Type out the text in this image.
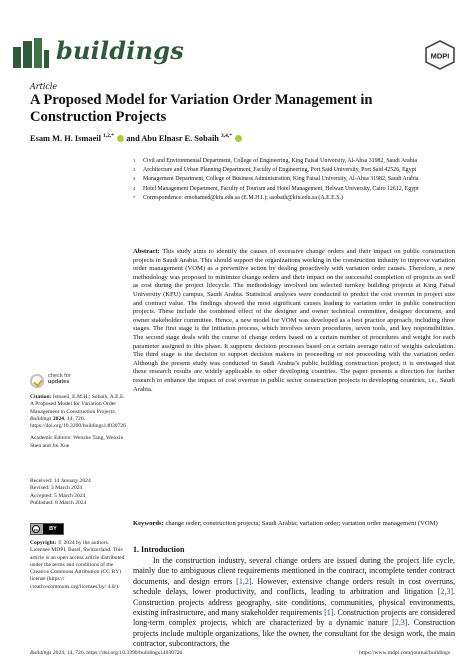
buildings	MDPI
Article
A Proposed Model for Variation Order Management in Construction Projects
Esam M. H. Ismaeil $^{1,2,*}$ and Abu Elnasr E. Sobaih $^{3,4,*}$
1 Civil and Environmental Department, College of Engineering, King Faisal University, Al-Ahsa 31982, Saudi Arabia
2 Architecture and Urban Planning Department, Faculty of Engineering, Port Said University, Port Said 42526, Egypt
3 Management Department, College of Business Administration, King Faisal University, Al-Ahsa 31982, Saudi Arabia
4 Hotel Management Department, Faculty of Tourism and Hotel Management, Helwan University, Cairo 12612, Egypt
* Correspondence: emohamed@kfu.edu.sa (E.M.H.I.); asobaih@kfu.edu.sa (A.E.E.S.)
Abstract: This study aims to identify the causes of excessive change orders and their impact on public construction projects in Saudi Arabia. This should support the organizations working in the construction industry to improve variation order management (VOM) as a preventive action by dealing proactively with variation order causes. Therefore, a new methodology was proposed to minimize change orders and their impact on the successful completion of projects as well as cost during the project lifecycle. The methodology involved ten selected turnkey building projects at King Faisal University (KFU) campus, Saudi Arabia. Statistical analyses were conducted to predict the cost overrun in project size and contract value. The findings showed the most significant causes leading to variation order in public construction projects. These include the combined effect of the designer and owner technical committee, designer document, and owner stakeholder committee. Hence, a new model for VOM was developed as a best practice approach, including three stages. The first stage is the initiation process, which involves seven procedures, seven tools, and key responsibilities. The second stage deals with the course of change orders based on a certain number of procedures and weight for each parameter assigned to this phase. It supports decision processes based on a certain average ratio of weights calculation. The third stage is the decision to support decision makers in proceeding or not proceeding with the variation order. Although the present study was conducted in Saudi Arabia’s public building construction project, it is envisaged that these research results are widely applicable to other developing countries. The paper presents a direction for further research to enhance the impact of cost overrun in public sector construction projects in developing countries, i.e., Saudi Arabia.
Keywords: change order; construction projects; Saudi Arabia; variation order; variation order management (VOM)
check for
updates
Citation: Ismaeil, E.M.H.; Sobaih, A.E.E. A Proposed Model for Variation Order Management in Construction Projects. Buildings 2024, 14, 726. https://doi.org/10.3390/buildings14030726
Academic Editors: Wenzhe Tang, Wenxin Shen and Jin Xue
Received: 14 January 2024
Revised: 3 March 2024
Accepted: 5 March 2024
Published: 8 March 2024
cc	BY
Copyright: © 2024 by the authors. Licensee MDPI, Basel, Switzerland. This article is an open access article distributed under the terms and conditions of the Creative Commons Attribution (CC BY) license (https:// creativecommons.org/licenses/by/ 4.0/).
1. Introduction

In the construction industry, several change orders are issued during the project life cycle, mainly due to ambiguous client requirements mentioned in the contract, incomplete tender contract documents, and design errors [1,2]. However, extensive change orders result in cost overruns, schedule delays, lower productivity, and conflicts, leading to arbitration and litigation [2,3]. Construction projects address geography, site conditions, communities, physical environments, existing infrastructure, and many stakeholder requirements [1]. Construction projects are considered long-term complex projects, which are characterized by a dynamic nature [2,3]. Construction projects include multiple organizations, like the owner, the consultant for the design work, the main contractor, subcontractors, the

Buildings 2024, 14, 726. https://doi.org/10.3390/buildings14030726	https://www.mdpi.com/journal/buildings
